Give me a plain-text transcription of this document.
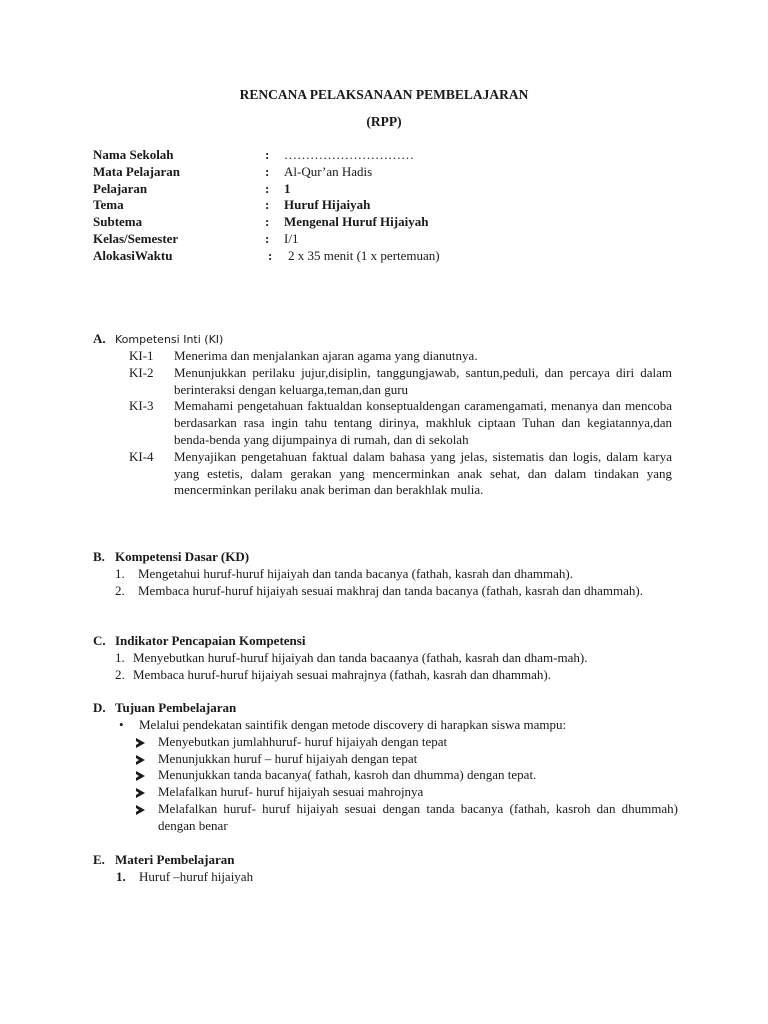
RENCANA PELAKSANAAN PEMBELAJARAN
(RPP)
Nama Sekolah	: …………………………
Mata Pelajaran	: Al-Qur’an Hadis
Pelajaran	: 1
Tema	: Huruf Hijaiyah
Subtema	: Mengenal Huruf Hijaiyah
Kelas/Semester	: I/1
AlokasiWaktu	: 2 x 35 menit (1 x pertemuan)
A. Kompetensi Inti (KI)
KI-1 Menerima dan menjalankan ajaran agama yang dianutnya.
KI-2 Menunjukkan perilaku jujur,disiplin, tanggungjawab, santun,peduli, dan percaya diri dalam berinteraksi dengan keluarga,teman,dan guru
KI-3 Memahami pengetahuan faktualdan konseptualdengan caramengamati, menanya dan mencoba berdasarkan rasa ingin tahu tentang dirinya, makhluk ciptaan Tuhan dan kegiatannya,dan benda-benda yang dijumpainya di rumah, dan di sekolah
KI-4 Menyajikan pengetahuan faktual dalam bahasa yang jelas, sistematis dan logis, dalam karya yang estetis, dalam gerakan yang mencerminkan anak sehat, dan dalam tindakan yang mencerminkan perilaku anak beriman dan berakhlak mulia.
B. Kompetensi Dasar (KD)
1. Mengetahui huruf-huruf hijaiyah dan tanda bacanya (fathah, kasrah dan dhammah).
2. Membaca huruf-huruf hijaiyah sesuai makhraj dan tanda bacanya (fathah, kasrah dan dhammah).
C. Indikator Pencapaian Kompetensi
1. Menyebutkan huruf-huruf hijaiyah dan tanda bacaanya (fathah, kasrah dan dham-mah).
2. Membaca huruf-huruf hijaiyah sesuai mahrajnya (fathah, kasrah dan dhammah).
D. Tujuan Pembelajaran
• Melalui pendekatan saintifik dengan metode discovery di harapkan siswa mampu:
Menyebutkan jumlahhuruf- huruf hijaiyah dengan tepat
Menunjukkan huruf – huruf hijaiyah dengan tepat
Menunjukkan tanda bacanya( fathah, kasroh dan dhumma) dengan tepat.
Melafalkan huruf- huruf hijaiyah sesuai mahrojnya
Melafalkan huruf- huruf hijaiyah sesuai dengan tanda bacanya (fathah, kasroh dan dhummah) dengan benar
E. Materi Pembelajaran
1. Huruf –huruf hijaiyah
